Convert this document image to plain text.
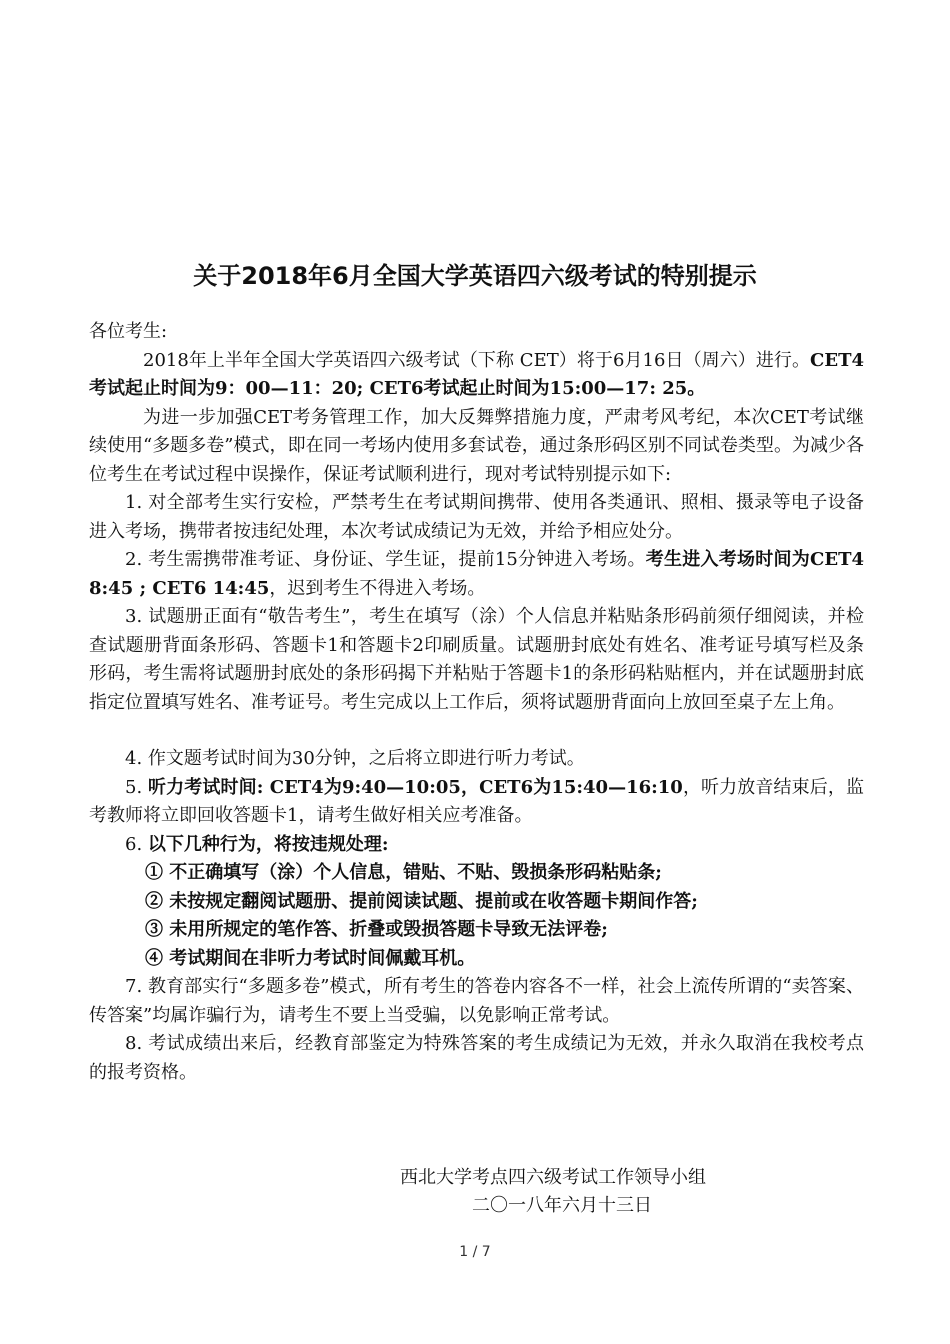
关于2018年6月全国大学英语四六级考试的特别提示

各位考生:

2018年上半年全国大学英语四六级考试（下称 CET）将于6月16日（周六）进行。CET4考试起止时间为9：00—11：20; CET6考试起止时间为15:00—17: 25。

为进一步加强CET考务管理工作，加大反舞弊措施力度，严肃考风考纪，本次CET考试继续使用“多题多卷”模式，即在同一考场内使用多套试卷，通过条形码区别不同试卷类型。为减少各位考生在考试过程中误操作，保证考试顺利进行，现对考试特别提示如下:

1. 对全部考生实行安检，严禁考生在考试期间携带、使用各类通讯、照相、摄录等电子设备进入考场，携带者按违纪处理，本次考试成绩记为无效，并给予相应处分。

2. 考生需携带准考证、身份证、学生证，提前15分钟进入考场。考生进入考场时间为CET4　8:45 ; CET6 14:45，迟到考生不得进入考场。

3. 试题册正面有“敬告考生”，考生在填写（涂）个人信息并粘贴条形码前须仔细阅读，并检查试题册背面条形码、答题卡1和答题卡2印刷质量。试题册封底处有姓名、准考证号填写栏及条形码，考生需将试题册封底处的条形码揭下并粘贴于答题卡1的条形码粘贴框内，并在试题册封底指定位置填写姓名、准考证号。考生完成以上工作后，须将试题册背面向上放回至桌子左上角。

4. 作文题考试时间为30分钟，之后将立即进行听力考试。

5. 听力考试时间: CET4为9:40—10:05，CET6为15:40—16:10，听力放音结束后，监考教师将立即回收答题卡1，请考生做好相关应考准备。

6. 以下几种行为，将按违规处理:

① 不正确填写（涂）个人信息，错贴、不贴、毁损条形码粘贴条;

② 未按规定翻阅试题册、提前阅读试题、提前或在收答题卡期间作答;

③ 未用所规定的笔作答、折叠或毁损答题卡导致无法评卷;

④ 考试期间在非听力考试时间佩戴耳机。

7. 教育部实行“多题多卷”模式，所有考生的答卷内容各不一样，社会上流传所谓的“卖答案、传答案”均属诈骗行为，请考生不要上当受骗，以免影响正常考试。

8. 考试成绩出来后，经教育部鉴定为特殊答案的考生成绩记为无效，并永久取消在我校考点的报考资格。

西北大学考点四六级考试工作领导小组
二〇一八年六月十三日
1 / 7
